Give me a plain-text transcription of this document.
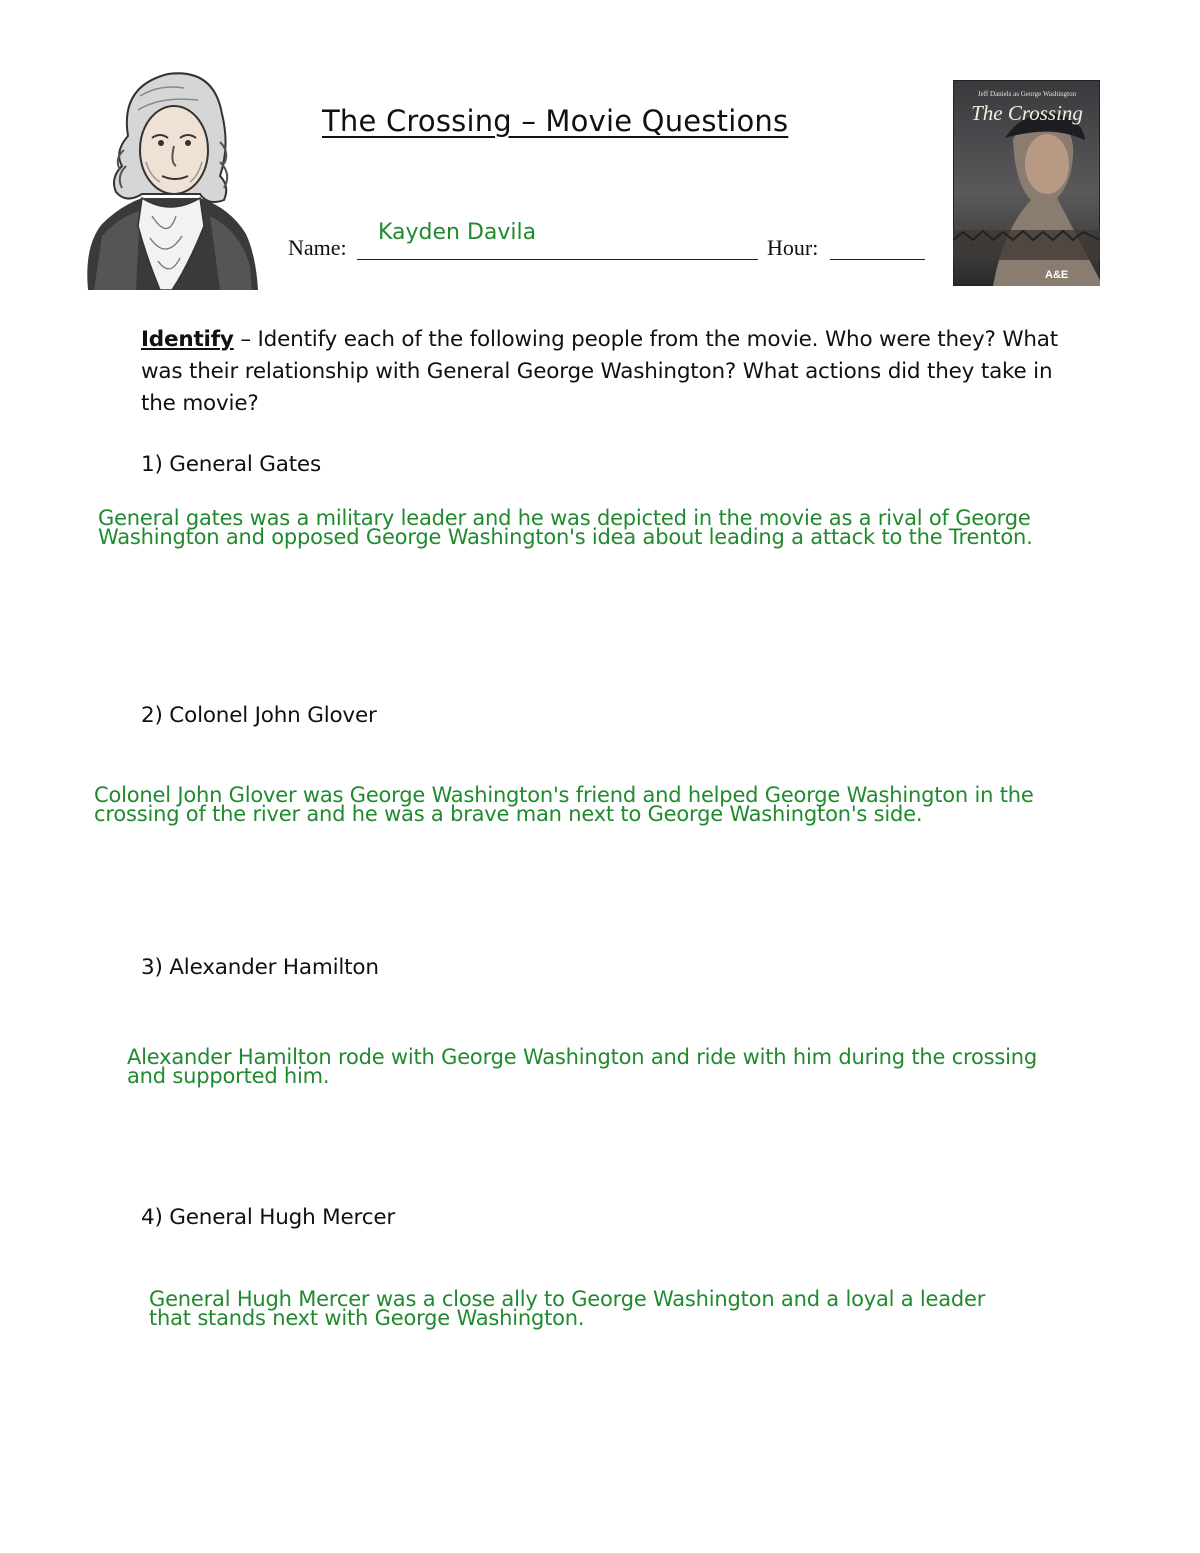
The Crossing – Movie Questions
Jeff Daniels as George Washington
The Crossing
A&E
Name:
Kayden Davila
Hour:
Identify – Identify each of the following people from the movie. Who were they? What was their relationship with General George Washington? What actions did they take in the movie?
1) General Gates
General gates was a military leader and he was depicted in the movie as a rival of George Washington and opposed George Washington's idea about leading a attack to the Trenton.
2) Colonel John Glover
Colonel John Glover was George Washington's friend and helped George Washington in the crossing of the river and he was a brave man next to George Washington's side.
3) Alexander Hamilton
Alexander Hamilton rode with George Washington and ride with him during the crossing and supported him.
4) General Hugh Mercer
General Hugh Mercer was a close ally to George Washington and a loyal a leader that stands next with George Washington.
